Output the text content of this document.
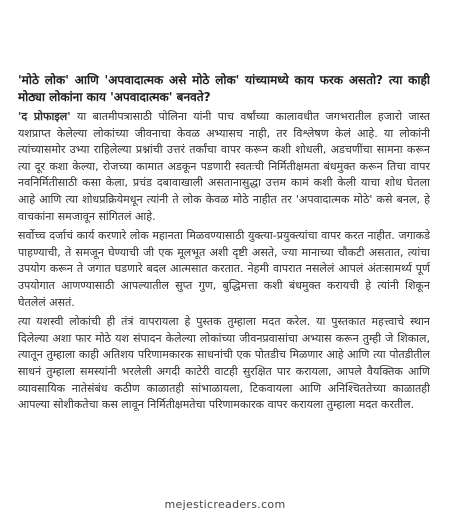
'मोठे लोक' आणि 'अपवादात्मक असे मोठे लोक' यांच्यामध्ये काय फरक असतो? त्या काही मोठ्या लोकांना काय 'अपवादात्मक' बनवते?

'द प्रोफाइल' या बातमीपत्रासाठी पोलिना यांनी पाच वर्षांच्या कालावधीत जगभरातील हजारो जास्त यशप्राप्त केलेल्या लोकांच्या जीवनाचा केवळ अभ्यासच नाही, तर विश्लेषण केलं आहे. या लोकांनी त्यांच्यासमोर उभ्या राहिलेल्या प्रश्नांची उत्तरं तर्कांचा वापर करून कशी शोधली, अडचणींचा सामना करून त्या दूर कशा केल्या, रोजच्या कामात अडकून पडणारी स्वतःची निर्मितीक्षमता बंधमुक्त करून तिचा वापर नवनिर्मितीसाठी कसा केला, प्रचंड दबावाखाली असतानासुद्धा उत्तम कामं कशी केली याचा शोध घेतला आहे आणि त्या शोधप्रक्रियेमधून त्यांनी ते लोक केवळ मोठे नाहीत तर 'अपवादात्मक मोठे' कसे बनल, हे वाचकांना समजावून सांगितलं आहे.

सर्वोच्च दर्जाचं कार्य करणारे लोक महानता मिळवण्यासाठी युक्त्या-प्रयुक्त्यांचा वापर करत नाहीत. जगाकडे पाहण्याची, ते समजून घेण्याची जी एक मूलभूत अशी दृष्टी असते, ज्या मानाच्या चौकटी असतात, त्यांचा उपयोग करून ते जगात घडणारे बदल आत्मसात करतात. नेहमी वापरात नसलेलं आपलं अंतःसामर्थ्य पूर्ण उपयोगात आणण्यासाठी आपल्यातील सुप्त गुण, बुद्धिमत्ता कशी बंधमुक्त करायची हे त्यांनी शिकून घेतलेलं असतं.

त्या यशस्वी लोकांची ही तंत्रं वापरायला हे पुस्तक तुम्हाला मदत करेल. या पुस्तकात महत्त्वाचे स्थान दिलेल्या अशा फार मोठे यश संपादन केलेल्या लोकांच्या जीवनप्रवासांचा अभ्यास करून तुम्ही जे शिकाल, त्यातून तुम्हाला काही अतिशय परिणामकारक साधनांची एक पोतडीच मिळणार आहे आणि त्या पोतडीतील साधनं तुम्हाला समस्यांनी भरलेली अगदी काटेरी वाटही सुरक्षित पार करायला, आपले वैयक्तिक आणि व्यावसायिक नातेसंबंध कठीण काळातही सांभाळायला, टिकवायला आणि अनिश्चिततेच्या काळातही आपल्या सोशीकतेचा कस लावून निर्मितीक्षमतेचा परिणामकारक वापर करायला तुम्हाला मदत करतील.

mejesticreaders.com
